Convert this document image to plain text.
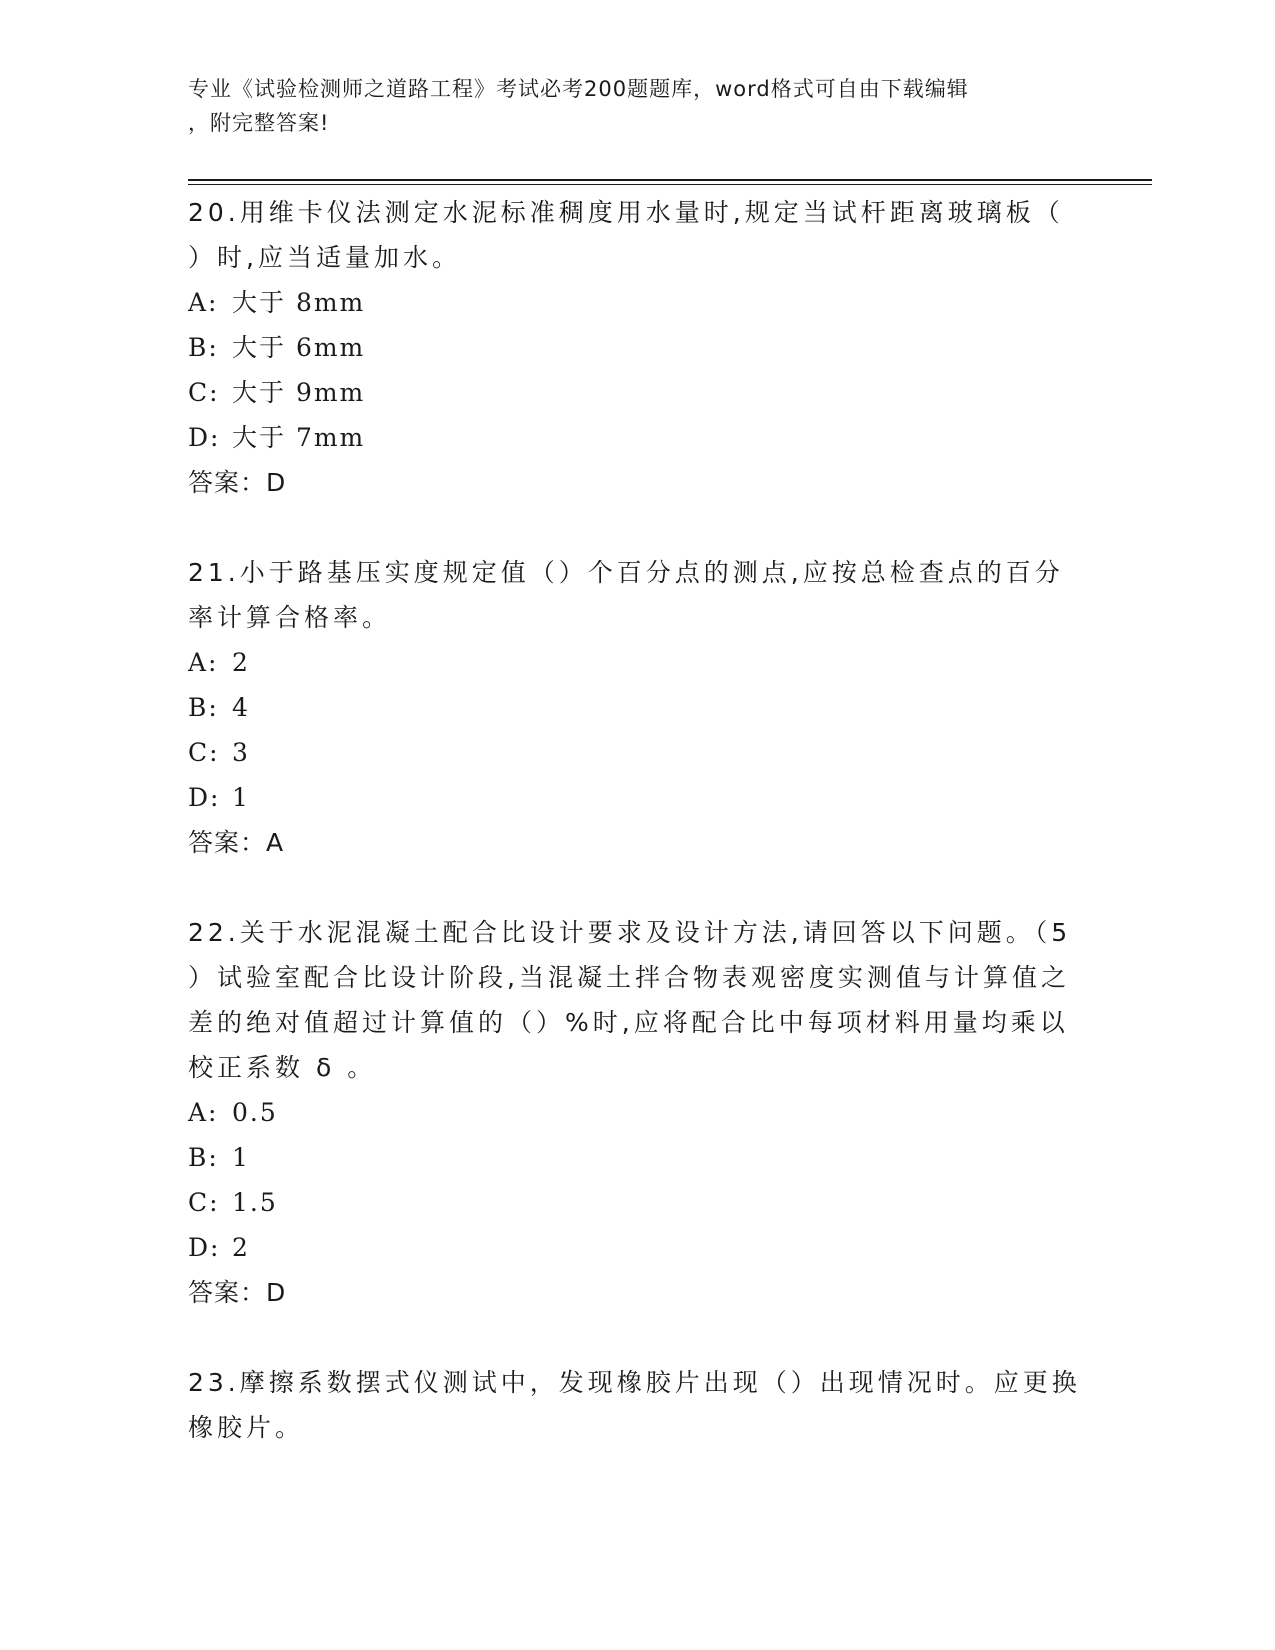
专业《试验检测师之道路工程》考试必考200题题库，word格式可自由下载编辑
，附完整答案!

20.用维卡仪法测定水泥标准稠度用水量时,规定当试杆距离玻璃板（

）时,应当适量加水。

A: 大于 8mm

B: 大于 6mm

C: 大于 9mm

D: 大于 7mm

答案：D

21.小于路基压实度规定值（）个百分点的测点,应按总检查点的百分

率计算合格率。

A: 2

B: 4

C: 3

D: 1

答案：A

22.关于水泥混凝土配合比设计要求及设计方法,请回答以下问题。（5

）试验室配合比设计阶段,当混凝土拌合物表观密度实测值与计算值之

差的绝对值超过计算值的（）%时,应将配合比中每项材料用量均乘以

校正系数 δ 。

A: 0.5

B: 1

C: 1.5

D: 2

答案：D

23.摩擦系数摆式仪测试中，发现橡胶片出现（）出现情况时。应更换

橡胶片。
